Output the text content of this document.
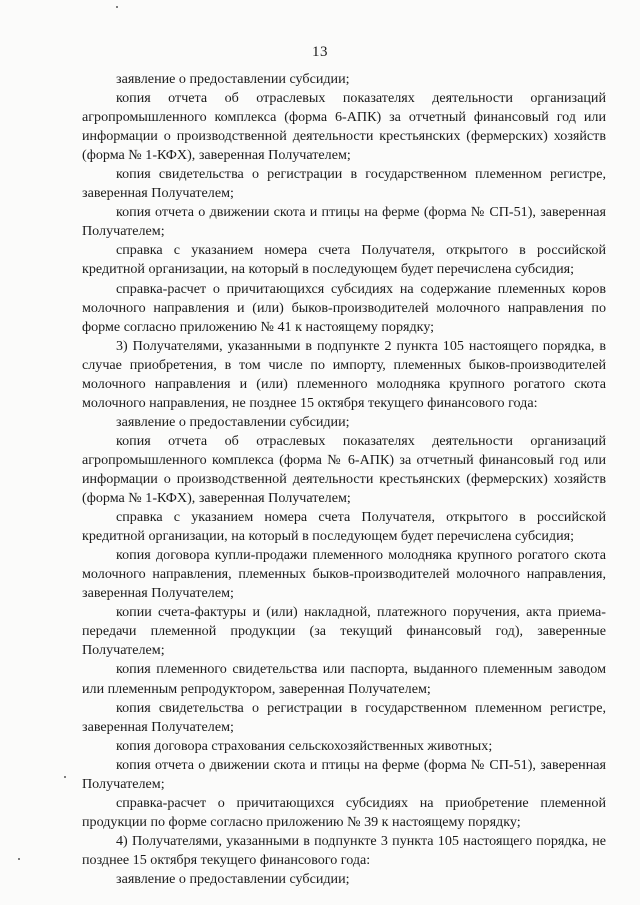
13

заявление о предоставлении субсидии;

копия отчета об отраслевых показателях деятельности организаций агропромышленного комплекса (форма 6-АПК) за отчетный финансовый год или информации о производственной деятельности крестьянских (фермерских) хозяйств (форма № 1-КФХ), заверенная Получателем;

копия свидетельства о регистрации в государственном племенном регистре, заверенная Получателем;

копия отчета о движении скота и птицы на ферме (форма № СП-51), заверенная Получателем;

справка с указанием номера счета Получателя, открытого в российской кредитной организации, на который в последующем будет перечислена субсидия;

справка-расчет о причитающихся субсидиях на содержание племенных коров молочного направления и (или) быков-производителей молочного направления по форме согласно приложению № 41 к настоящему порядку;

3) Получателями, указанными в подпункте 2 пункта 105 настоящего порядка, в случае приобретения, в том числе по импорту, племенных быков-производителей молочного направления и (или) племенного молодняка крупного рогатого скота молочного направления, не позднее 15 октября текущего финансового года:

заявление о предоставлении субсидии;

копия отчета об отраслевых показателях деятельности организаций агропромышленного комплекса (форма № 6-АПК) за отчетный финансовый год или информации о производственной деятельности крестьянских (фермерских) хозяйств (форма № 1-КФХ), заверенная Получателем;

справка с указанием номера счета Получателя, открытого в российской кредитной организации, на который в последующем будет перечислена субсидия;

копия договора купли-продажи племенного молодняка крупного рогатого скота молочного направления, племенных быков-производителей молочного направления, заверенная Получателем;

копии счета-фактуры и (или) накладной, платежного поручения, акта приема-передачи племенной продукции (за текущий финансовый год), заверенные Получателем;

копия племенного свидетельства или паспорта, выданного племенным заводом или племенным репродуктором, заверенная Получателем;

копия свидетельства о регистрации в государственном племенном регистре, заверенная Получателем;

копия договора страхования сельскохозяйственных животных;

копия отчета о движении скота и птицы на ферме (форма № СП-51), заверенная Получателем;

справка-расчет о причитающихся субсидиях на приобретение племенной продукции по форме согласно приложению № 39 к настоящему порядку;

4) Получателями, указанными в подпункте 3 пункта 105 настоящего порядка, не позднее 15 октября текущего финансового года:

заявление о предоставлении субсидии;
